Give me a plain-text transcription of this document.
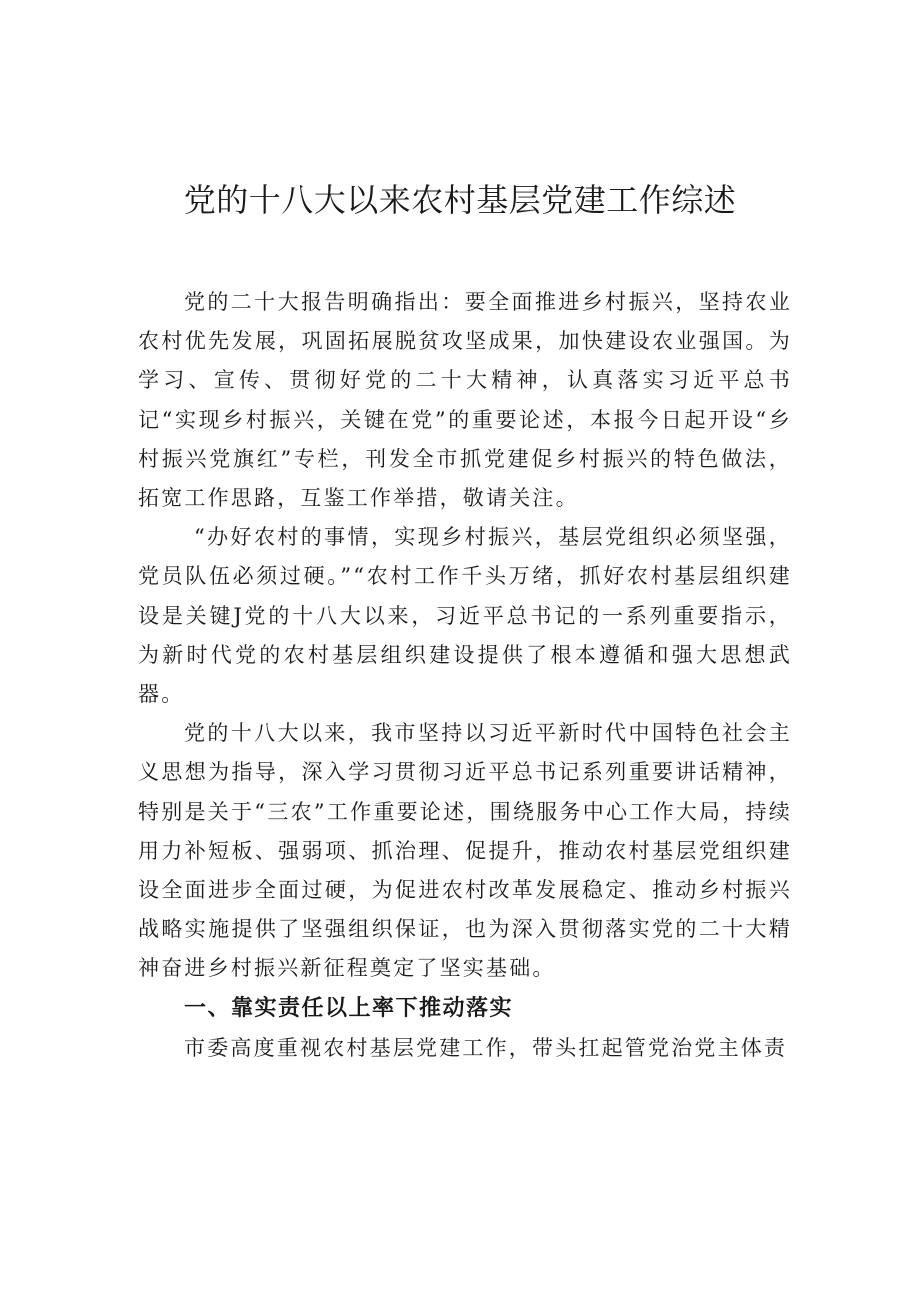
党的十八大以来农村基层党建工作综述

党的二十大报告明确指出：要全面推进乡村振兴，坚持农业农村优先发展，巩固拓展脱贫攻坚成果，加快建设农业强国。为学习、宣传、贯彻好党的二十大精神，认真落实习近平总书记“实现乡村振兴，关键在党”的重要论述，本报今日起开设“乡村振兴党旗红”专栏，刊发全市抓党建促乡村振兴的特色做法，拓宽工作思路，互鉴工作举措，敬请关注。

“办好农村的事情，实现乡村振兴，基层党组织必须坚强，党员队伍必须过硬。”“农村工作千头万绪，抓好农村基层组织建设是关键J党的十八大以来，习近平总书记的一系列重要指示，为新时代党的农村基层组织建设提供了根本遵循和强大思想武器。

党的十八大以来，我市坚持以习近平新时代中国特色社会主义思想为指导，深入学习贯彻习近平总书记系列重要讲话精神，特别是关于“三农”工作重要论述，围绕服务中心工作大局，持续用力补短板、强弱项、抓治理、促提升，推动农村基层党组织建设全面进步全面过硬，为促进农村改革发展稳定、推动乡村振兴战略实施提供了坚强组织保证，也为深入贯彻落实党的二十大精神奋进乡村振兴新征程奠定了坚实基础。

一、靠实责任以上率下推动落实

市委高度重视农村基层党建工作，带头扛起管党治党主体责
